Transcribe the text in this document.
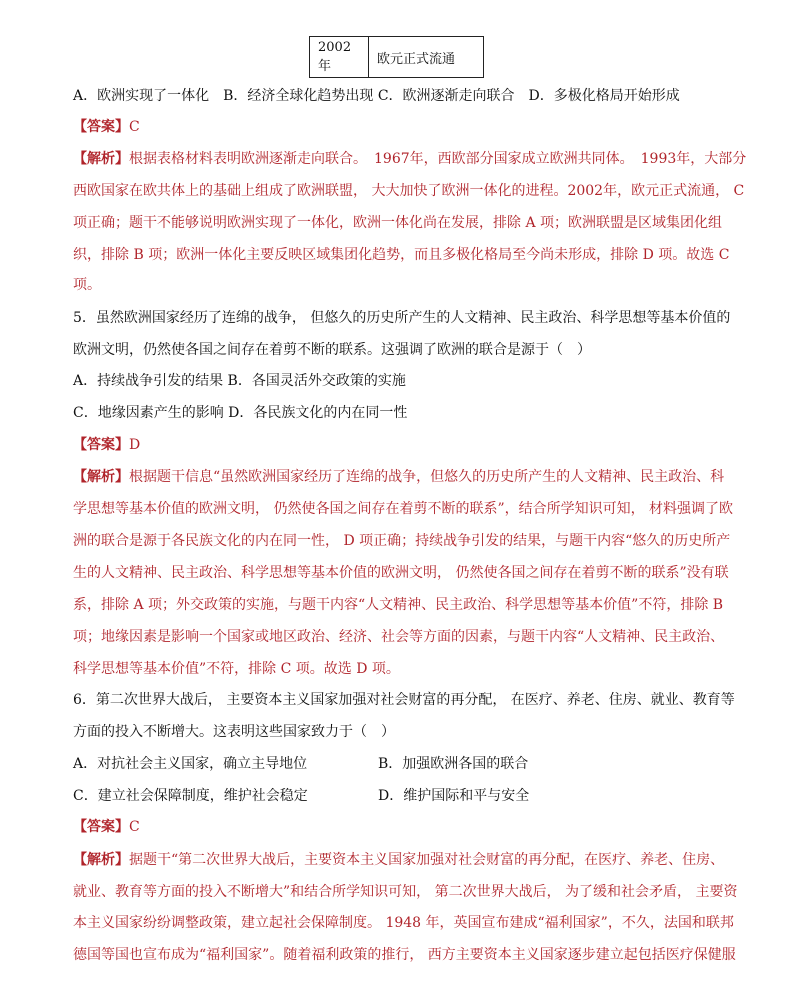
2002 年	欧元正式流通
A．欧洲实现了一体化　B．经济全球化趋势出现 C．欧洲逐渐走向联合　D．多极化格局开始形成
【答案】C
【解析】根据表格材料表明欧洲逐渐走向联合。　1967年，西欧部分国家成立欧洲共同体。　1993年，大部分
西欧国家在欧共体上的基础上组成了欧洲联盟， 大大加快了欧洲一体化的进程。2002年，欧元正式流通， C
项正确；题干不能够说明欧洲实现了一体化，欧洲一体化尚在发展，排除 A 项；欧洲联盟是区域集团化组
织，排除 B 项；欧洲一体化主要反映区域集团化趋势，而且多极化格局至今尚未形成，排除 D 项。故选 C
项。
5．虽然欧洲国家经历了连绵的战争， 但悠久的历史所产生的人文精神、民主政治、科学思想等基本价值的
欧洲文明，仍然使各国之间存在着剪不断的联系。这强调了欧洲的联合是源于（　）
A．持续战争引发的结果 B．各国灵活外交政策的实施
C．地缘因素产生的影响 D．各民族文化的内在同一性
【答案】D
【解析】根据题干信息“虽然欧洲国家经历了连绵的战争，但悠久的历史所产生的人文精神、民主政治、科
学思想等基本价值的欧洲文明， 仍然使各国之间存在着剪不断的联系”，结合所学知识可知， 材料强调了欧
洲的联合是源于各民族文化的内在同一性， D 项正确；持续战争引发的结果，与题干内容“悠久的历史所产
生的人文精神、民主政治、科学思想等基本价值的欧洲文明， 仍然使各国之间存在着剪不断的联系”没有联
系，排除 A 项；外交政策的实施，与题干内容“人文精神、民主政治、科学思想等基本价值”不符，排除 B
项；地缘因素是影响一个国家或地区政治、经济、社会等方面的因素，与题干内容“人文精神、民主政治、
科学思想等基本价值”不符，排除 C 项。故选 D 项。
6．第二次世界大战后， 主要资本主义国家加强对社会财富的再分配， 在医疗、养老、住房、就业、教育等
方面的投入不断增大。这表明这些国家致力于（　）
A．对抗社会主义国家，确立主导地位	B．加强欧洲各国的联合
C．建立社会保障制度，维护社会稳定	D．维护国际和平与安全
【答案】C
【解析】据题干“第二次世界大战后，主要资本主义国家加强对社会财富的再分配，在医疗、养老、住房、
就业、教育等方面的投入不断增大”和结合所学知识可知， 第二次世界大战后， 为了缓和社会矛盾， 主要资
本主义国家纷纷调整政策，建立起社会保障制度。 1948 年，英国宣布建成“福利国家”，不久，法国和联邦
德国等国也宣布成为“福利国家”。随着福利政策的推行， 西方主要资本主义国家逐步建立起包括医疗保健服
